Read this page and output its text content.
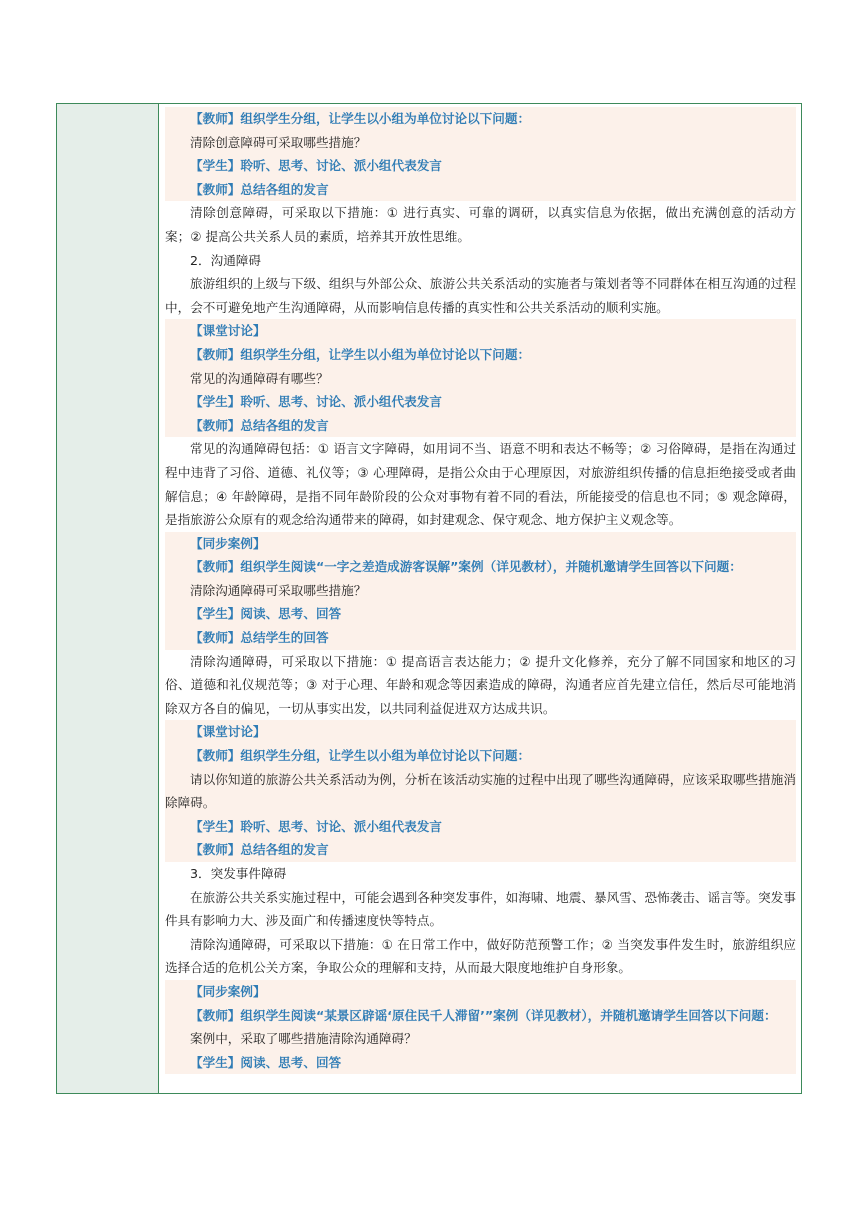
【教师】组织学生分组，让学生以小组为单位讨论以下问题：
清除创意障碍可采取哪些措施？
【学生】聆听、思考、讨论、派小组代表发言
【教师】总结各组的发言

清除创意障碍，可采取以下措施：① 进行真实、可靠的调研，以真实信息为依据，做出充满创意的活动方案；② 提高公共关系人员的素质，培养其开放性思维。

2．沟通障碍

旅游组织的上级与下级、组织与外部公众、旅游公共关系活动的实施者与策划者等不同群体在相互沟通的过程中，会不可避免地产生沟通障碍，从而影响信息传播的真实性和公共关系活动的顺利实施。

【课堂讨论】
【教师】组织学生分组，让学生以小组为单位讨论以下问题：
常见的沟通障碍有哪些？
【学生】聆听、思考、讨论、派小组代表发言
【教师】总结各组的发言

常见的沟通障碍包括：① 语言文字障碍，如用词不当、语意不明和表达不畅等；② 习俗障碍，是指在沟通过程中违背了习俗、道德、礼仪等；③ 心理障碍，是指公众由于心理原因，对旅游组织传播的信息拒绝接受或者曲解信息；④ 年龄障碍，是指不同年龄阶段的公众对事物有着不同的看法，所能接受的信息也不同；⑤ 观念障碍，是指旅游公众原有的观念给沟通带来的障碍，如封建观念、保守观念、地方保护主义观念等。

【同步案例】
【教师】组织学生阅读“一字之差造成游客误解”案例（详见教材），并随机邀请学生回答以下问题：
清除沟通障碍可采取哪些措施？
【学生】阅读、思考、回答
【教师】总结学生的回答

清除沟通障碍，可采取以下措施：① 提高语言表达能力；② 提升文化修养，充分了解不同国家和地区的习俗、道德和礼仪规范等；③ 对于心理、年龄和观念等因素造成的障碍，沟通者应首先建立信任，然后尽可能地消除双方各自的偏见，一切从事实出发，以共同利益促进双方达成共识。

【课堂讨论】
【教师】组织学生分组，让学生以小组为单位讨论以下问题：

请以你知道的旅游公共关系活动为例，分析在该活动实施的过程中出现了哪些沟通障碍，应该采取哪些措施消除障碍。

【学生】聆听、思考、讨论、派小组代表发言
【教师】总结各组的发言
3．突发事件障碍

在旅游公共关系实施过程中，可能会遇到各种突发事件，如海啸、地震、暴风雪、恐怖袭击、谣言等。突发事件具有影响力大、涉及面广和传播速度快等特点。

清除沟通障碍，可采取以下措施：① 在日常工作中，做好防范预警工作；② 当突发事件发生时，旅游组织应选择合适的危机公关方案，争取公众的理解和支持，从而最大限度地维护自身形象。

【同步案例】

【教师】组织学生阅读“某景区辟谣‘原住民千人滞留’”案例（详见教材），并随机邀请学生回答以下问题：

案例中，采取了哪些措施清除沟通障碍？
【学生】阅读、思考、回答
